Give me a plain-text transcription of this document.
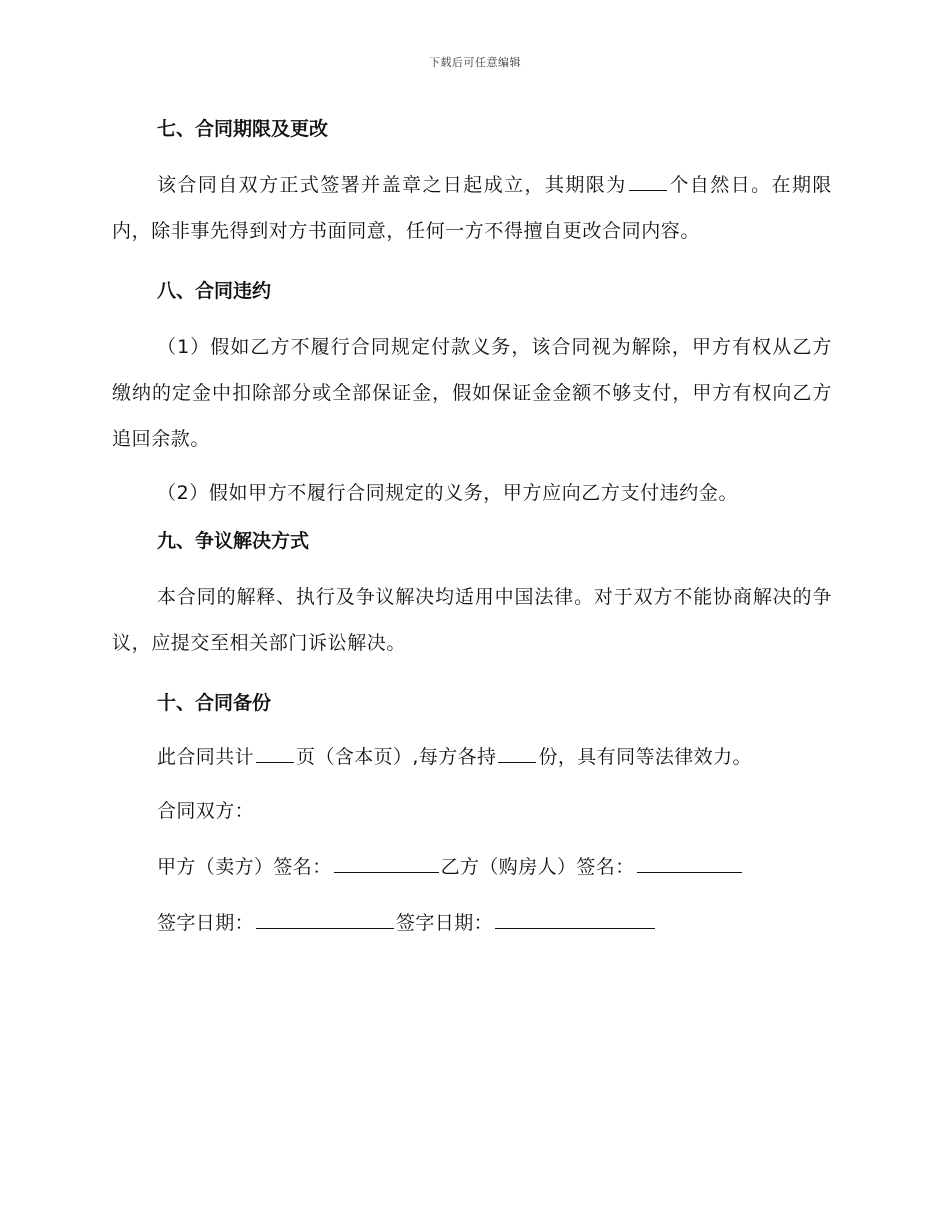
下载后可任意编辑
七、合同期限及更改

该合同自双方正式签署并盖章之日起成立，其期限为 个自然日。在期限内，除非事先得到对方书面同意，任何一方不得擅自更改合同内容。

八、合同违约

（1）假如乙方不履行合同规定付款义务，该合同视为解除，甲方有权从乙方缴纳的定金中扣除部分或全部保证金，假如保证金金额不够支付，甲方有权向乙方追回余款。

（2）假如甲方不履行合同规定的义务，甲方应向乙方支付违约金。

九、争议解决方式

本合同的解释、执行及争议解决均适用中国法律。对于双方不能协商解决的争议，应提交至相关部门诉讼解决。

十、合同备份
此合同共计 页（含本页）,每方各持 份，具有同等法律效力。
合同双方：
甲方（卖方）签名：	乙方（购房人）签名：
签字日期：	签字日期：
